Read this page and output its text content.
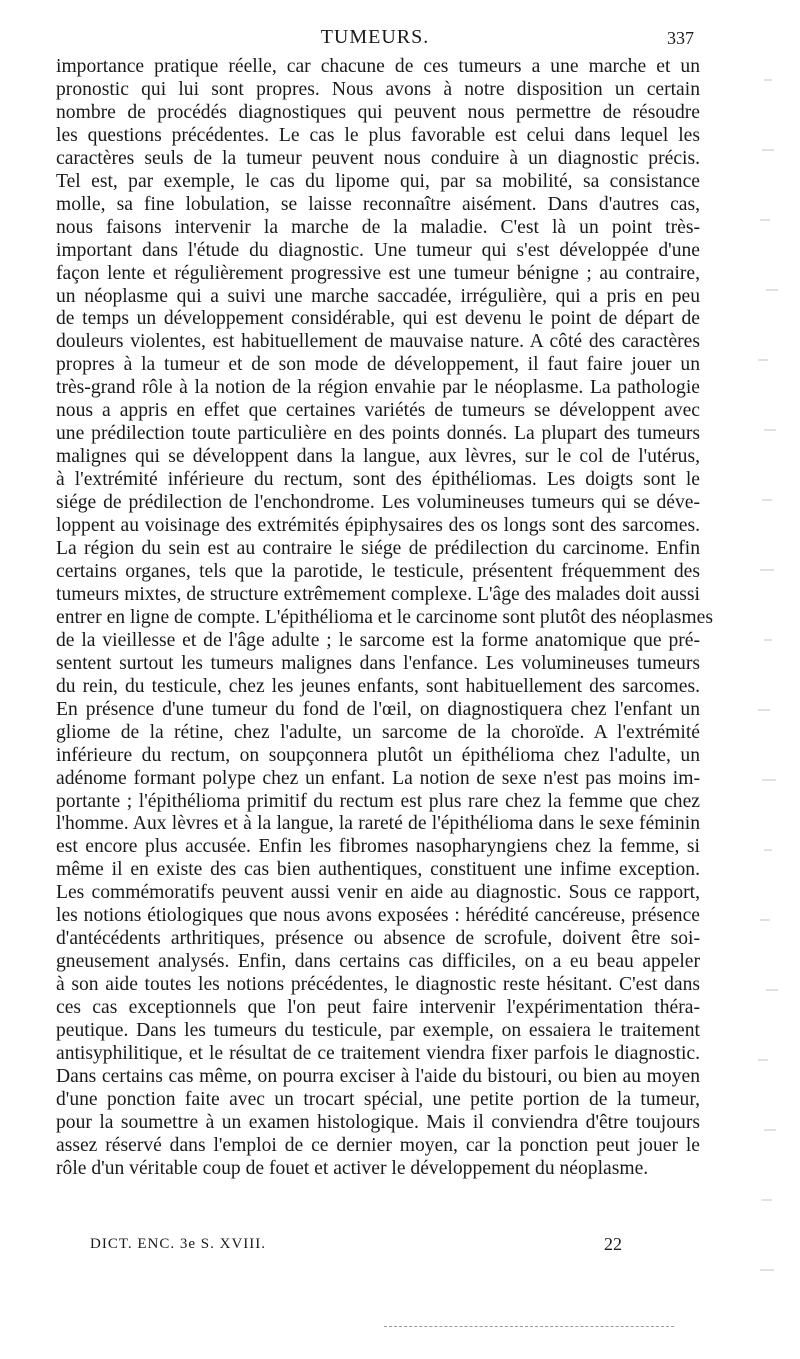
TUMEURS.	337
importance pratique réelle, car chacune de ces tumeurs a une marche et un
pronostic qui lui sont propres. Nous avons à notre disposition un certain
nombre de procédés diagnostiques qui peuvent nous permettre de résoudre
les questions précédentes. Le cas le plus favorable est celui dans lequel les
caractères seuls de la tumeur peuvent nous conduire à un diagnostic précis.
Tel est, par exemple, le cas du lipome qui, par sa mobilité, sa consistance
molle, sa fine lobulation, se laisse reconnaître aisément. Dans d'autres cas,
nous faisons intervenir la marche de la maladie. C'est là un point très-
important dans l'étude du diagnostic. Une tumeur qui s'est développée d'une
façon lente et régulièrement progressive est une tumeur bénigne ; au contraire,
un néoplasme qui a suivi une marche saccadée, irrégulière, qui a pris en peu
de temps un développement considérable, qui est devenu le point de départ de
douleurs violentes, est habituellement de mauvaise nature. A côté des caractères
propres à la tumeur et de son mode de développement, il faut faire jouer un
très-grand rôle à la notion de la région envahie par le néoplasme. La pathologie
nous a appris en effet que certaines variétés de tumeurs se développent avec
une prédilection toute particulière en des points donnés. La plupart des tumeurs
malignes qui se développent dans la langue, aux lèvres, sur le col de l'utérus,
à l'extrémité inférieure du rectum, sont des épithéliomas. Les doigts sont le
siége de prédilection de l'enchondrome. Les volumineuses tumeurs qui se déve-
loppent au voisinage des extrémités épiphysaires des os longs sont des sarcomes.
La région du sein est au contraire le siége de prédilection du carcinome. Enfin
certains organes, tels que la parotide, le testicule, présentent fréquemment des
tumeurs mixtes, de structure extrêmement complexe. L'âge des malades doit aussi
entrer en ligne de compte. L'épithélioma et le carcinome sont plutôt des néoplasmes
de la vieillesse et de l'âge adulte ; le sarcome est la forme anatomique que pré-
sentent surtout les tumeurs malignes dans l'enfance. Les volumineuses tumeurs
du rein, du testicule, chez les jeunes enfants, sont habituellement des sarcomes.
En présence d'une tumeur du fond de l'œil, on diagnostiquera chez l'enfant un
gliome de la rétine, chez l'adulte, un sarcome de la choroïde. A l'extrémité
inférieure du rectum, on soupçonnera plutôt un épithélioma chez l'adulte, un
adénome formant polype chez un enfant. La notion de sexe n'est pas moins im-
portante ; l'épithélioma primitif du rectum est plus rare chez la femme que chez
l'homme. Aux lèvres et à la langue, la rareté de l'épithélioma dans le sexe féminin
est encore plus accusée. Enfin les fibromes nasopharyngiens chez la femme, si
même il en existe des cas bien authentiques, constituent une infime exception.
Les commémoratifs peuvent aussi venir en aide au diagnostic. Sous ce rapport,
les notions étiologiques que nous avons exposées : hérédité cancéreuse, présence
d'antécédents arthritiques, présence ou absence de scrofule, doivent être soi-
gneusement analysés. Enfin, dans certains cas difficiles, on a eu beau appeler
à son aide toutes les notions précédentes, le diagnostic reste hésitant. C'est dans
ces cas exceptionnels que l'on peut faire intervenir l'expérimentation théra-
peutique. Dans les tumeurs du testicule, par exemple, on essaiera le traitement
antisyphilitique, et le résultat de ce traitement viendra fixer parfois le diagnostic.
Dans certains cas même, on pourra exciser à l'aide du bistouri, ou bien au moyen
d'une ponction faite avec un trocart spécial, une petite portion de la tumeur,
pour la soumettre à un examen histologique. Mais il conviendra d'être toujours
assez réservé dans l'emploi de ce dernier moyen, car la ponction peut jouer le
rôle d'un véritable coup de fouet et activer le développement du néoplasme.
DICT. ENC. 3e S. XVIII.	22
